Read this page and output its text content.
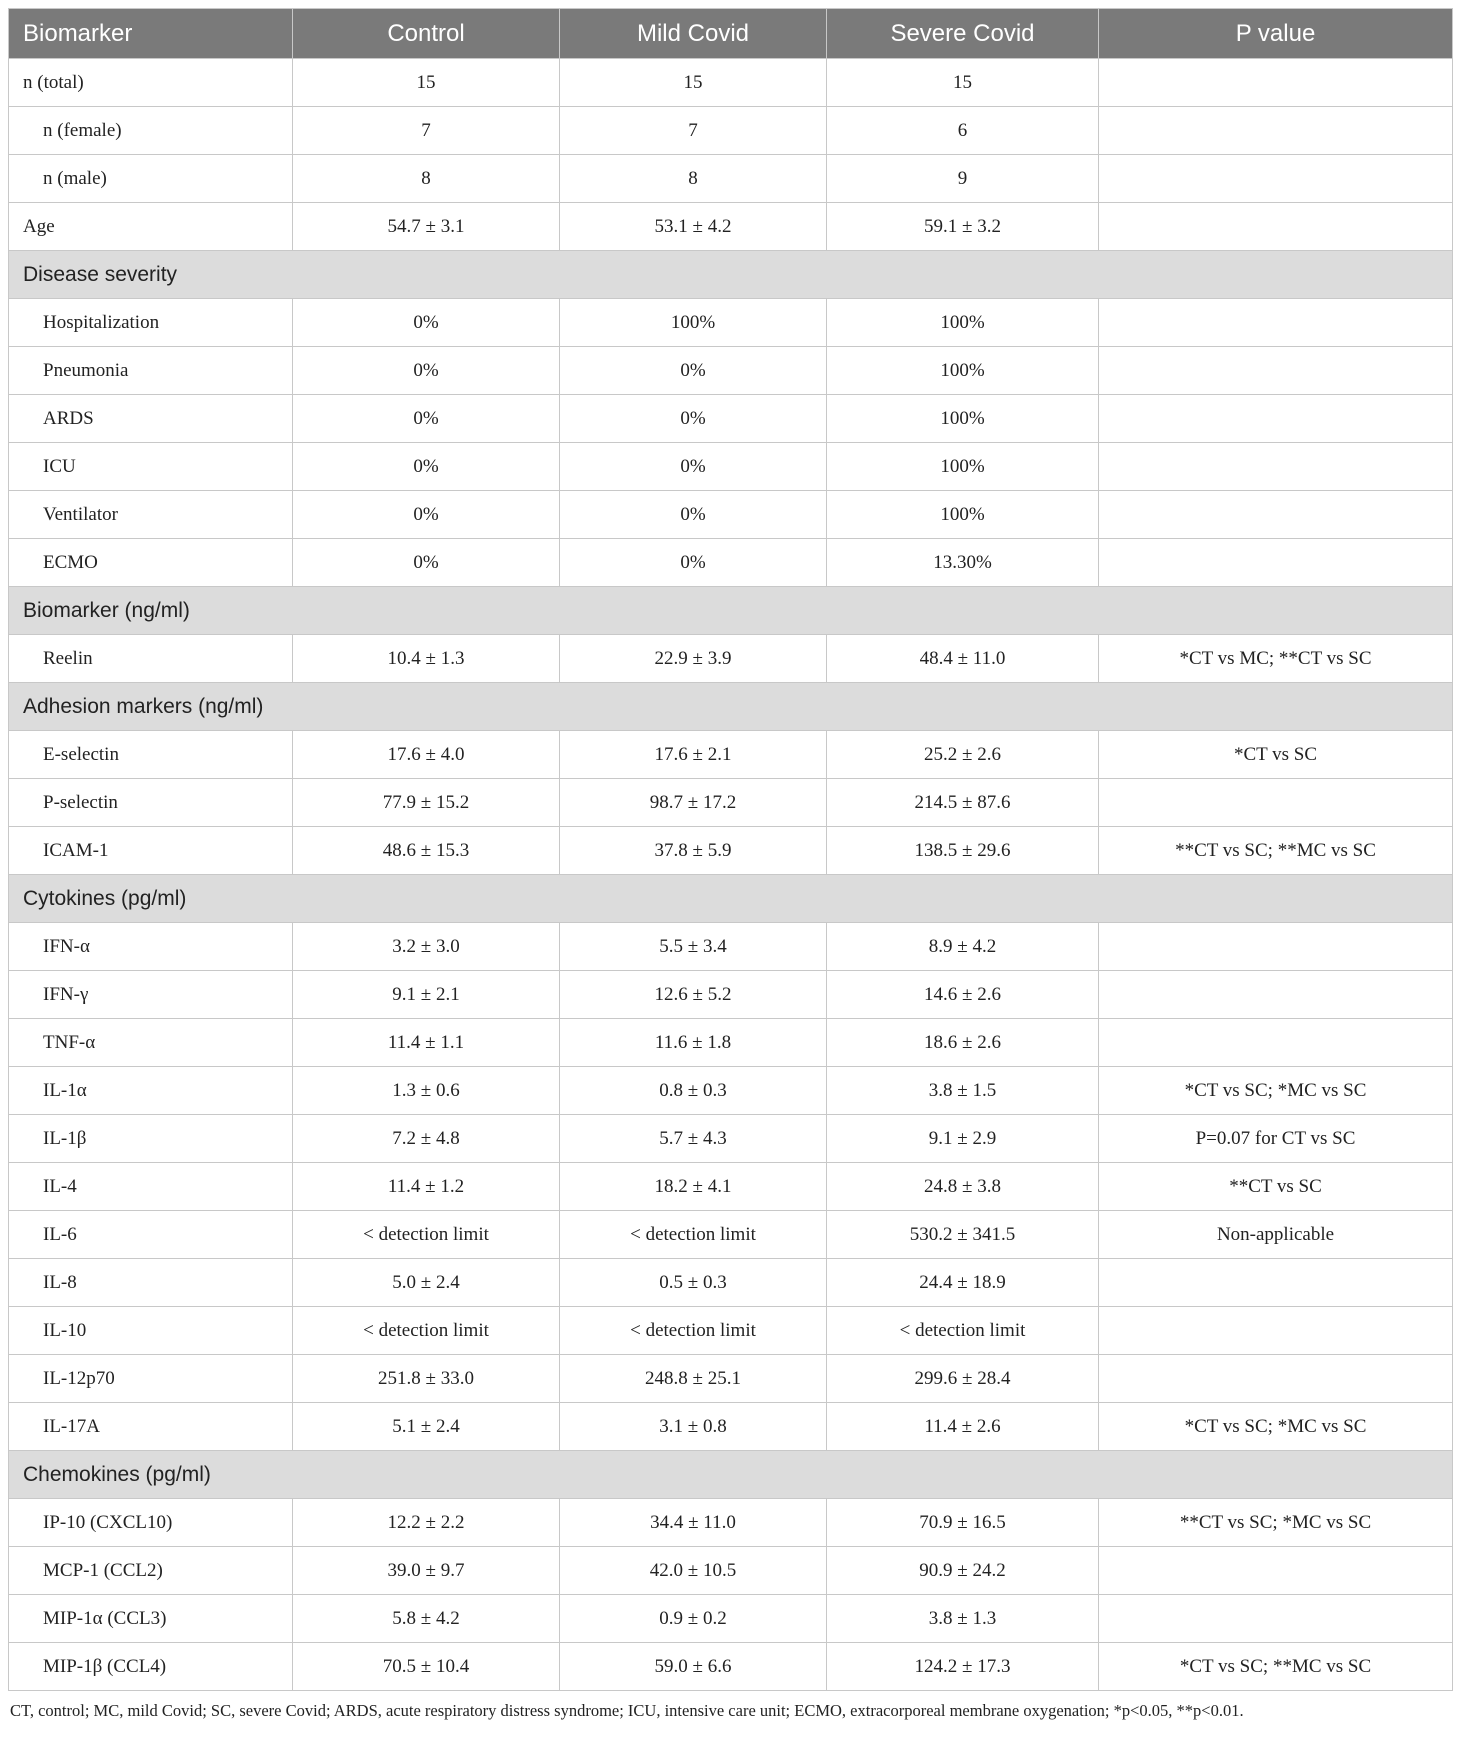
Biomarker	Control	Mild Covid	Severe Covid	P value
n (total)	15	15	15	
n (female)	7	7	6	
n (male)	8	8	9	
Age	54.7 ± 3.1	53.1 ± 4.2	59.1 ± 3.2	
Disease severity				
Hospitalization	0%	100%	100%	
Pneumonia	0%	0%	100%	
ARDS	0%	0%	100%	
ICU	0%	0%	100%	
Ventilator	0%	0%	100%	
ECMO	0%	0%	13.30%	
Biomarker (ng/ml)				
Reelin	10.4 ± 1.3	22.9 ± 3.9	48.4 ± 11.0	*CT vs MC; **CT vs SC
Adhesion markers (ng/ml)				
E-selectin	17.6 ± 4.0	17.6 ± 2.1	25.2 ± 2.6	*CT vs SC
P-selectin	77.9 ± 15.2	98.7 ± 17.2	214.5 ± 87.6	
ICAM-1	48.6 ± 15.3	37.8 ± 5.9	138.5 ± 29.6	**CT vs SC; **MC vs SC
Cytokines (pg/ml)				
IFN-α	3.2 ± 3.0	5.5 ± 3.4	8.9 ± 4.2	
IFN-γ	9.1 ± 2.1	12.6 ± 5.2	14.6 ± 2.6	
TNF-α	11.4 ± 1.1	11.6 ± 1.8	18.6 ± 2.6	
IL-1α	1.3 ± 0.6	0.8 ± 0.3	3.8 ± 1.5	*CT vs SC; *MC vs SC
IL-1β	7.2 ± 4.8	5.7 ± 4.3	9.1 ± 2.9	P=0.07 for CT vs SC
IL-4	11.4 ± 1.2	18.2 ± 4.1	24.8 ± 3.8	**CT vs SC
IL-6	< detection limit	< detection limit	530.2 ± 341.5	Non-applicable
IL-8	5.0 ± 2.4	0.5 ± 0.3	24.4 ± 18.9	
IL-10	< detection limit	< detection limit	< detection limit	
IL-12p70	251.8 ± 33.0	248.8 ± 25.1	299.6 ± 28.4	
IL-17A	5.1 ± 2.4	3.1 ± 0.8	11.4 ± 2.6	*CT vs SC; *MC vs SC
Chemokines (pg/ml)				
IP-10 (CXCL10)	12.2 ± 2.2	34.4 ± 11.0	70.9 ± 16.5	**CT vs SC; *MC vs SC
MCP-1 (CCL2)	39.0 ± 9.7	42.0 ± 10.5	90.9 ± 24.2	
MIP-1α (CCL3)	5.8 ± 4.2	0.9 ± 0.2	3.8 ± 1.3	
MIP-1β (CCL4)	70.5 ± 10.4	59.0 ± 6.6	124.2 ± 17.3	*CT vs SC; **MC vs SC
CT, control; MC, mild Covid; SC, severe Covid; ARDS, acute respiratory distress syndrome; ICU, intensive care unit; ECMO, extracorporeal membrane oxygenation; *p<0.05, **p<0.01.
